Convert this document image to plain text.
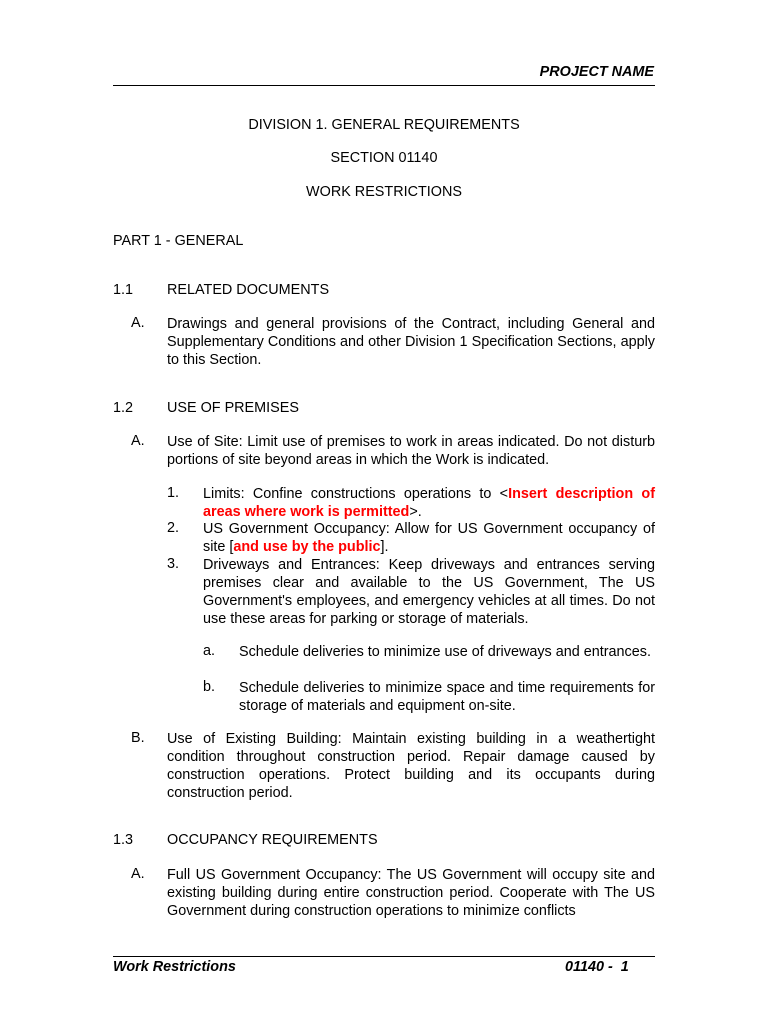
PROJECT NAME
DIVISION 1. GENERAL REQUIREMENTS
SECTION 01140
WORK RESTRICTIONS
PART 1 - GENERAL
1.1 RELATED DOCUMENTS
A. Drawings and general provisions of the Contract, including General and Supplementary Conditions and other Division 1 Specification Sections, apply to this Section.
1.2 USE OF PREMISES
A. Use of Site: Limit use of premises to work in areas indicated. Do not disturb portions of site beyond areas in which the Work is indicated.
1. Limits: Confine constructions operations to <Insert description of areas where work is permitted>.
2. US Government Occupancy: Allow for US Government occupancy of site [and use by the public].
3. Driveways and Entrances: Keep driveways and entrances serving premises clear and available to the US Government, The US Government's employees, and emergency vehicles at all times. Do not use these areas for parking or storage of materials.
a. Schedule deliveries to minimize use of driveways and entrances.
b. Schedule deliveries to minimize space and time requirements for storage of materials and equipment on-site.
B. Use of Existing Building: Maintain existing building in a weathertight condition throughout construction period. Repair damage caused by construction operations. Protect building and its occupants during construction period.
1.3 OCCUPANCY REQUIREMENTS
A. Full US Government Occupancy: The US Government will occupy site and existing building during entire construction period. Cooperate with The US Government during construction operations to minimize conflicts
Work Restrictions	01140 -  1
